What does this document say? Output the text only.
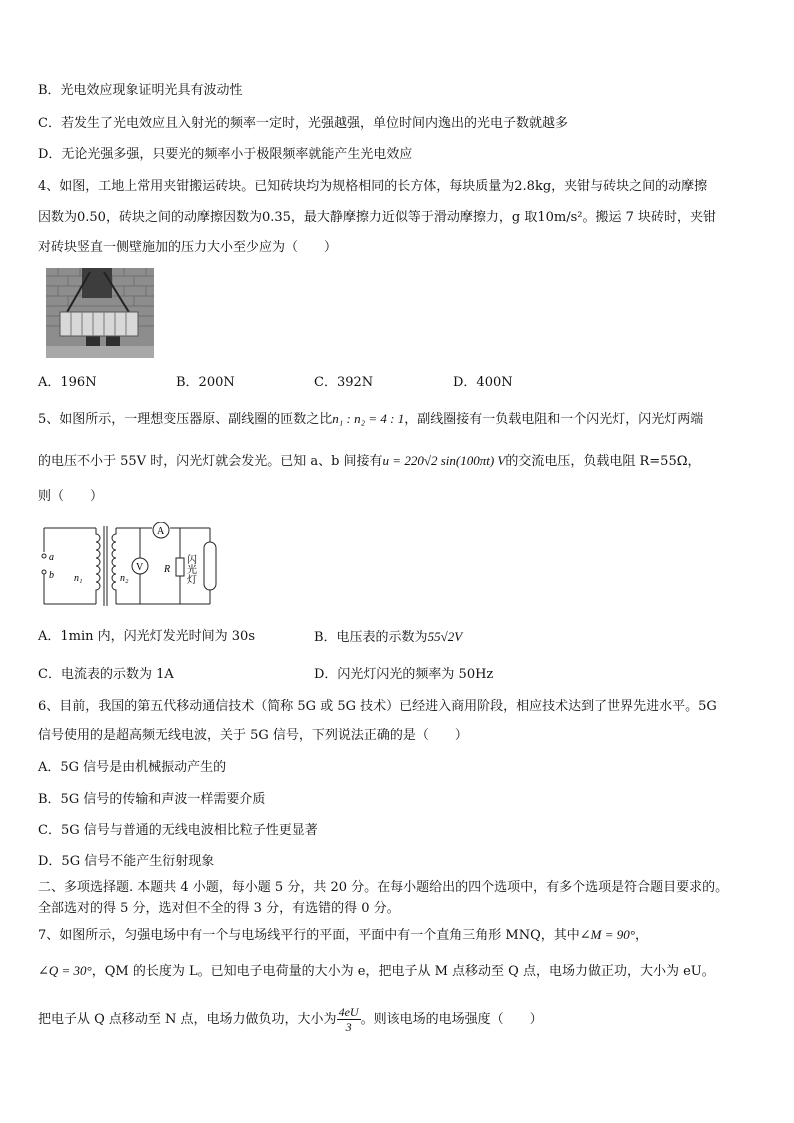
B．光电效应现象证明光具有波动性
C．若发生了光电效应且入射光的频率一定时，光强越强，单位时间内逸出的光电子数就越多
D．无论光强多强，只要光的频率小于极限频率就能产生光电效应
4、如图，工地上常用夹钳搬运砖块。已知砖块均为规格相同的长方体，每块质量为2.8kg，夹钳与砖块之间的动摩擦
因数为0.50，砖块之间的动摩擦因数为0.35，最大静摩擦力近似等于滑动摩擦力，g 取10m/s²。搬运 7 块砖时，夹钳
对砖块竖直一侧壁施加的压力大小至少应为（　　）
A．196N	B．200N	C．392N	D．400N
5、如图所示，一理想变压器原、副线圈的匝数之比n₁ : n₂ = 4 : 1，副线圈接有一负载电阻和一个闪光灯，闪光灯两端
的电压不小于 55V 时，闪光灯就会发光。已知 a、b 间接有u = 220√2 sin(100πt) V的交流电压，负载电阻 R=55Ω，
则（　　）
a
b n₁	n₂
A
V R 闪光灯
A．1min 内，闪光灯发光时间为 30s	B．电压表的示数为55√2V
C．电流表的示数为 1A	D．闪光灯闪光的频率为 50Hz
6、目前，我国的第五代移动通信技术（简称 5G 或 5G 技术）已经进入商用阶段，相应技术达到了世界先进水平。5G
信号使用的是超高频无线电波，关于 5G 信号，下列说法正确的是（　　）
A．5G 信号是由机械振动产生的
B．5G 信号的传输和声波一样需要介质
C．5G 信号与普通的无线电波相比粒子性更显著
D．5G 信号不能产生衍射现象
二、多项选择题. 本题共 4 小题，每小题 5 分，共 20 分。在每小题给出的四个选项中，有多个选项是符合题目要求的。
全部选对的得 5 分，选对但不全的得 3 分，有选错的得 0 分。
7、如图所示，匀强电场中有一个与电场线平行的平面，平面中有一个直角三角形 MNQ，其中∠M = 90°，
∠Q = 30°，QM 的长度为 L。已知电子电荷量的大小为 e，把电子从 M 点移动至 Q 点，电场力做正功，大小为 eU。
把电子从 Q 点移动至 N 点，电场力做负功，大小为 $\frac{4eU}{3}$ 。则该电场的电场强度（　　）
